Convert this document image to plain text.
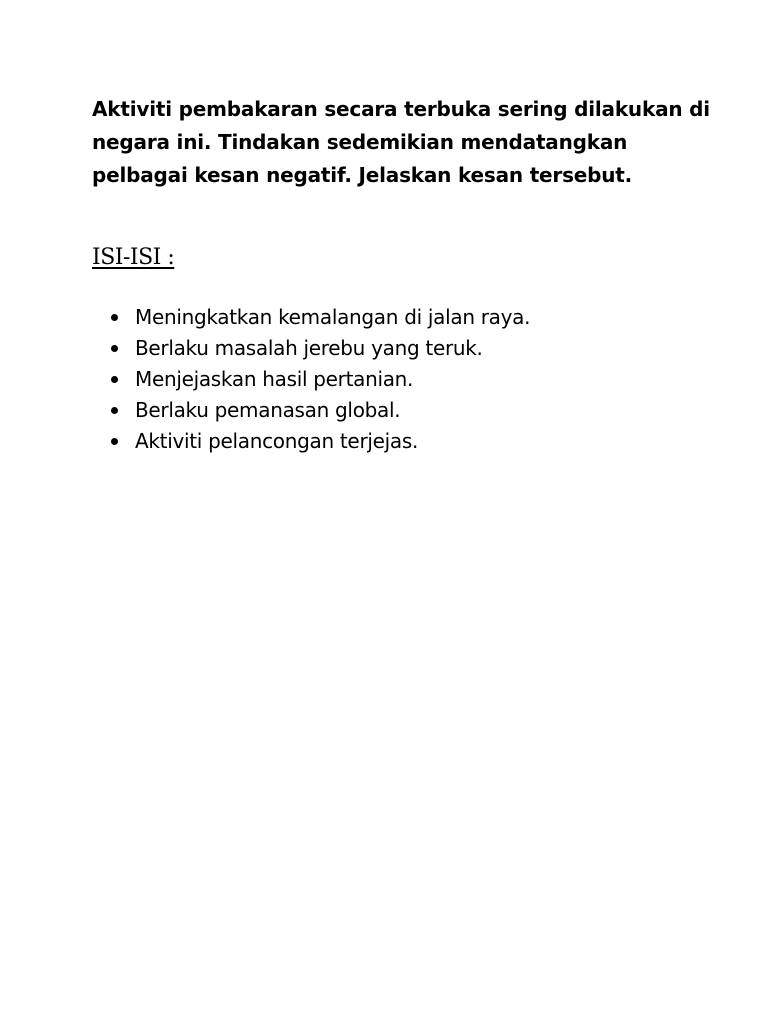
Aktiviti pembakaran secara terbuka sering dilakukan di
negara ini. Tindakan sedemikian mendatangkan
pelbagai kesan negatif. Jelaskan kesan tersebut.

ISI-ISI :
Meningkatkan kemalangan di jalan raya.
Berlaku masalah jerebu yang teruk.
Menjejaskan hasil pertanian.
Berlaku pemanasan global.
Aktiviti pelancongan terjejas.
